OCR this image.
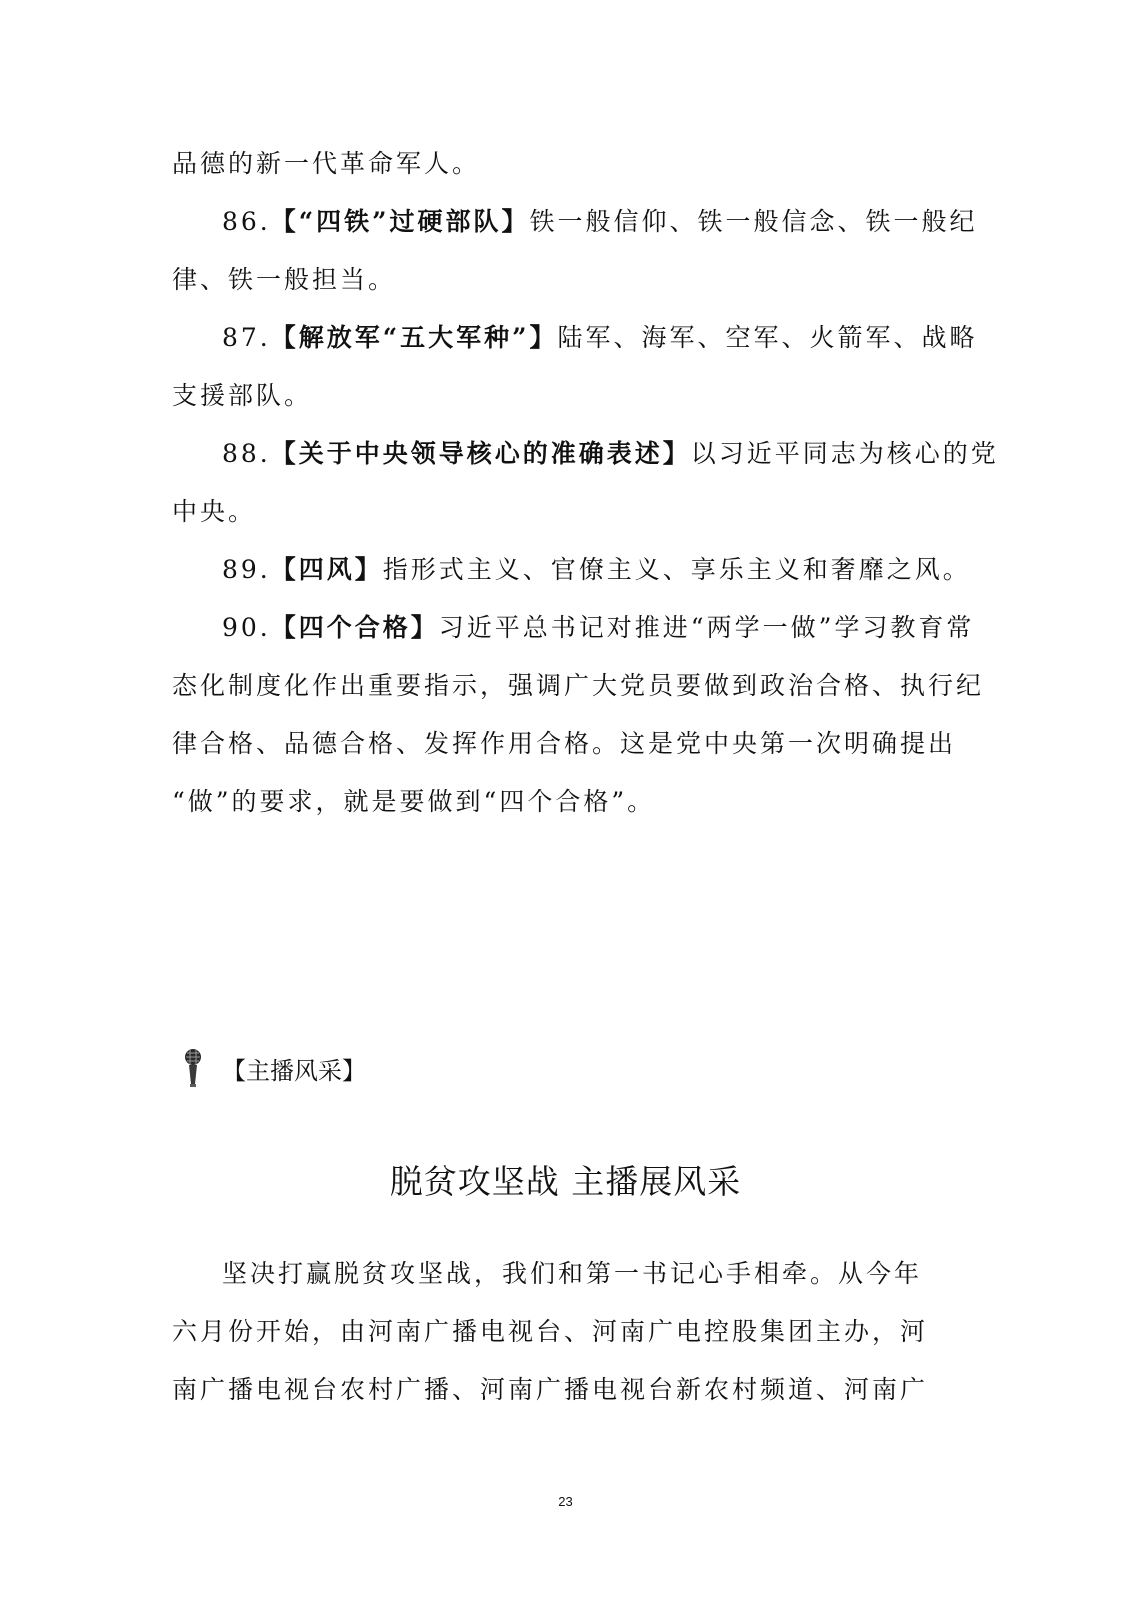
品德的新一代革命军人。
86.【“四铁”过硬部队】铁一般信仰、铁一般信念、铁一般纪
律、铁一般担当。
87.【解放军“五大军种”】陆军、海军、空军、火箭军、战略
支援部队。
88.【关于中央领导核心的准确表述】以习近平同志为核心的党
中央。
89.【四风】指形式主义、官僚主义、享乐主义和奢靡之风。
90.【四个合格】习近平总书记对推进“两学一做”学习教育常
态化制度化作出重要指示，强调广大党员要做到政治合格、执行纪
律合格、品德合格、发挥作用合格。这是党中央第一次明确提出
“做”的要求，就是要做到“四个合格”。
【主播风采】
脱贫攻坚战 主播展风采
坚决打赢脱贫攻坚战，我们和第一书记心手相牵。从今年
六月份开始，由河南广播电视台、河南广电控股集团主办，河
南广播电视台农村广播、河南广播电视台新农村频道、河南广
23
